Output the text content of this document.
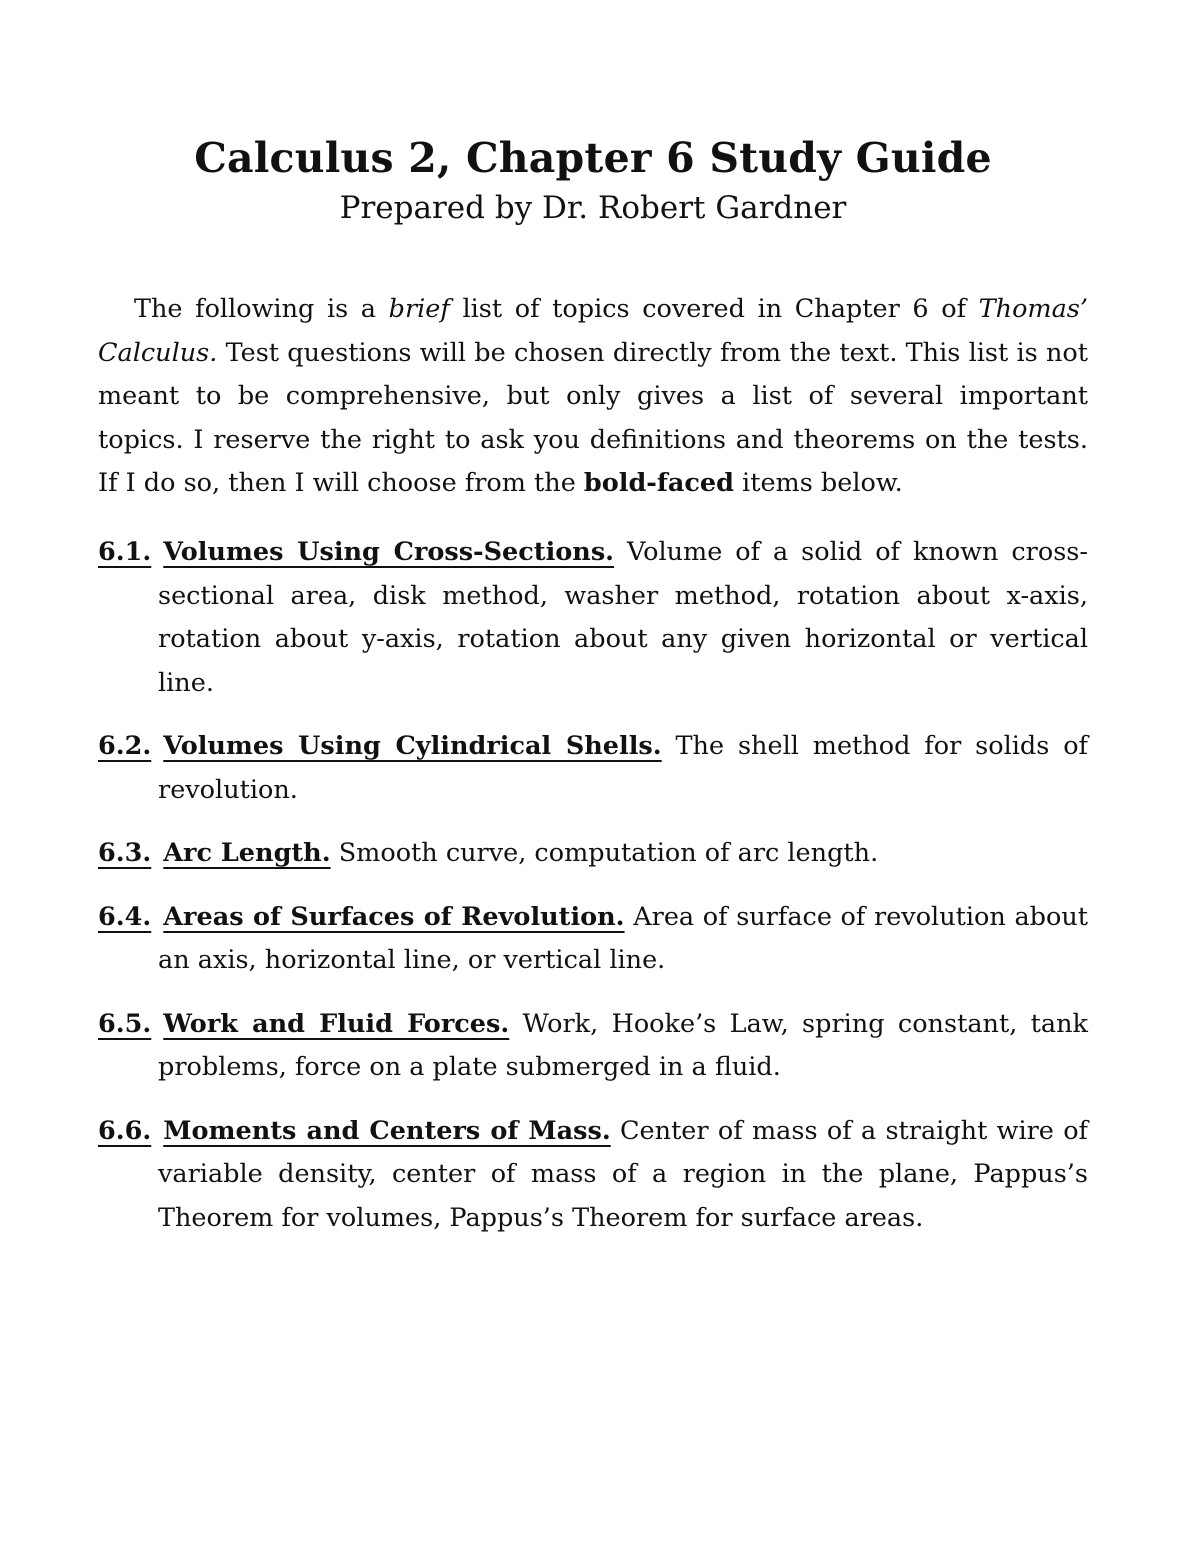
Calculus 2, Chapter 6 Study Guide

Prepared by Dr. Robert Gardner

The following is a brief list of topics covered in Chapter 6 of Thomas’ Calculus. Test questions will be chosen directly from the text. This list is not meant to be comprehensive, but only gives a list of several important topics. I reserve the right to ask you definitions and theorems on the tests. If I do so, then I will choose from the bold-faced items below.

6.1. Volumes Using Cross-Sections. Volume of a solid of known cross-sectional area, disk method, washer method, rotation about x-axis, rotation about y-axis, rotation about any given horizontal or vertical line.
6.2. Volumes Using Cylindrical Shells. The shell method for solids of revolution.
6.3. Arc Length. Smooth curve, computation of arc length.
6.4. Areas of Surfaces of Revolution. Area of surface of revolution about an axis, horizontal line, or vertical line.
6.5. Work and Fluid Forces. Work, Hooke’s Law, spring constant, tank problems, force on a plate submerged in a fluid.
6.6. Moments and Centers of Mass. Center of mass of a straight wire of variable density, center of mass of a region in the plane, Pappus’s Theorem for volumes, Pappus’s Theorem for surface areas.
